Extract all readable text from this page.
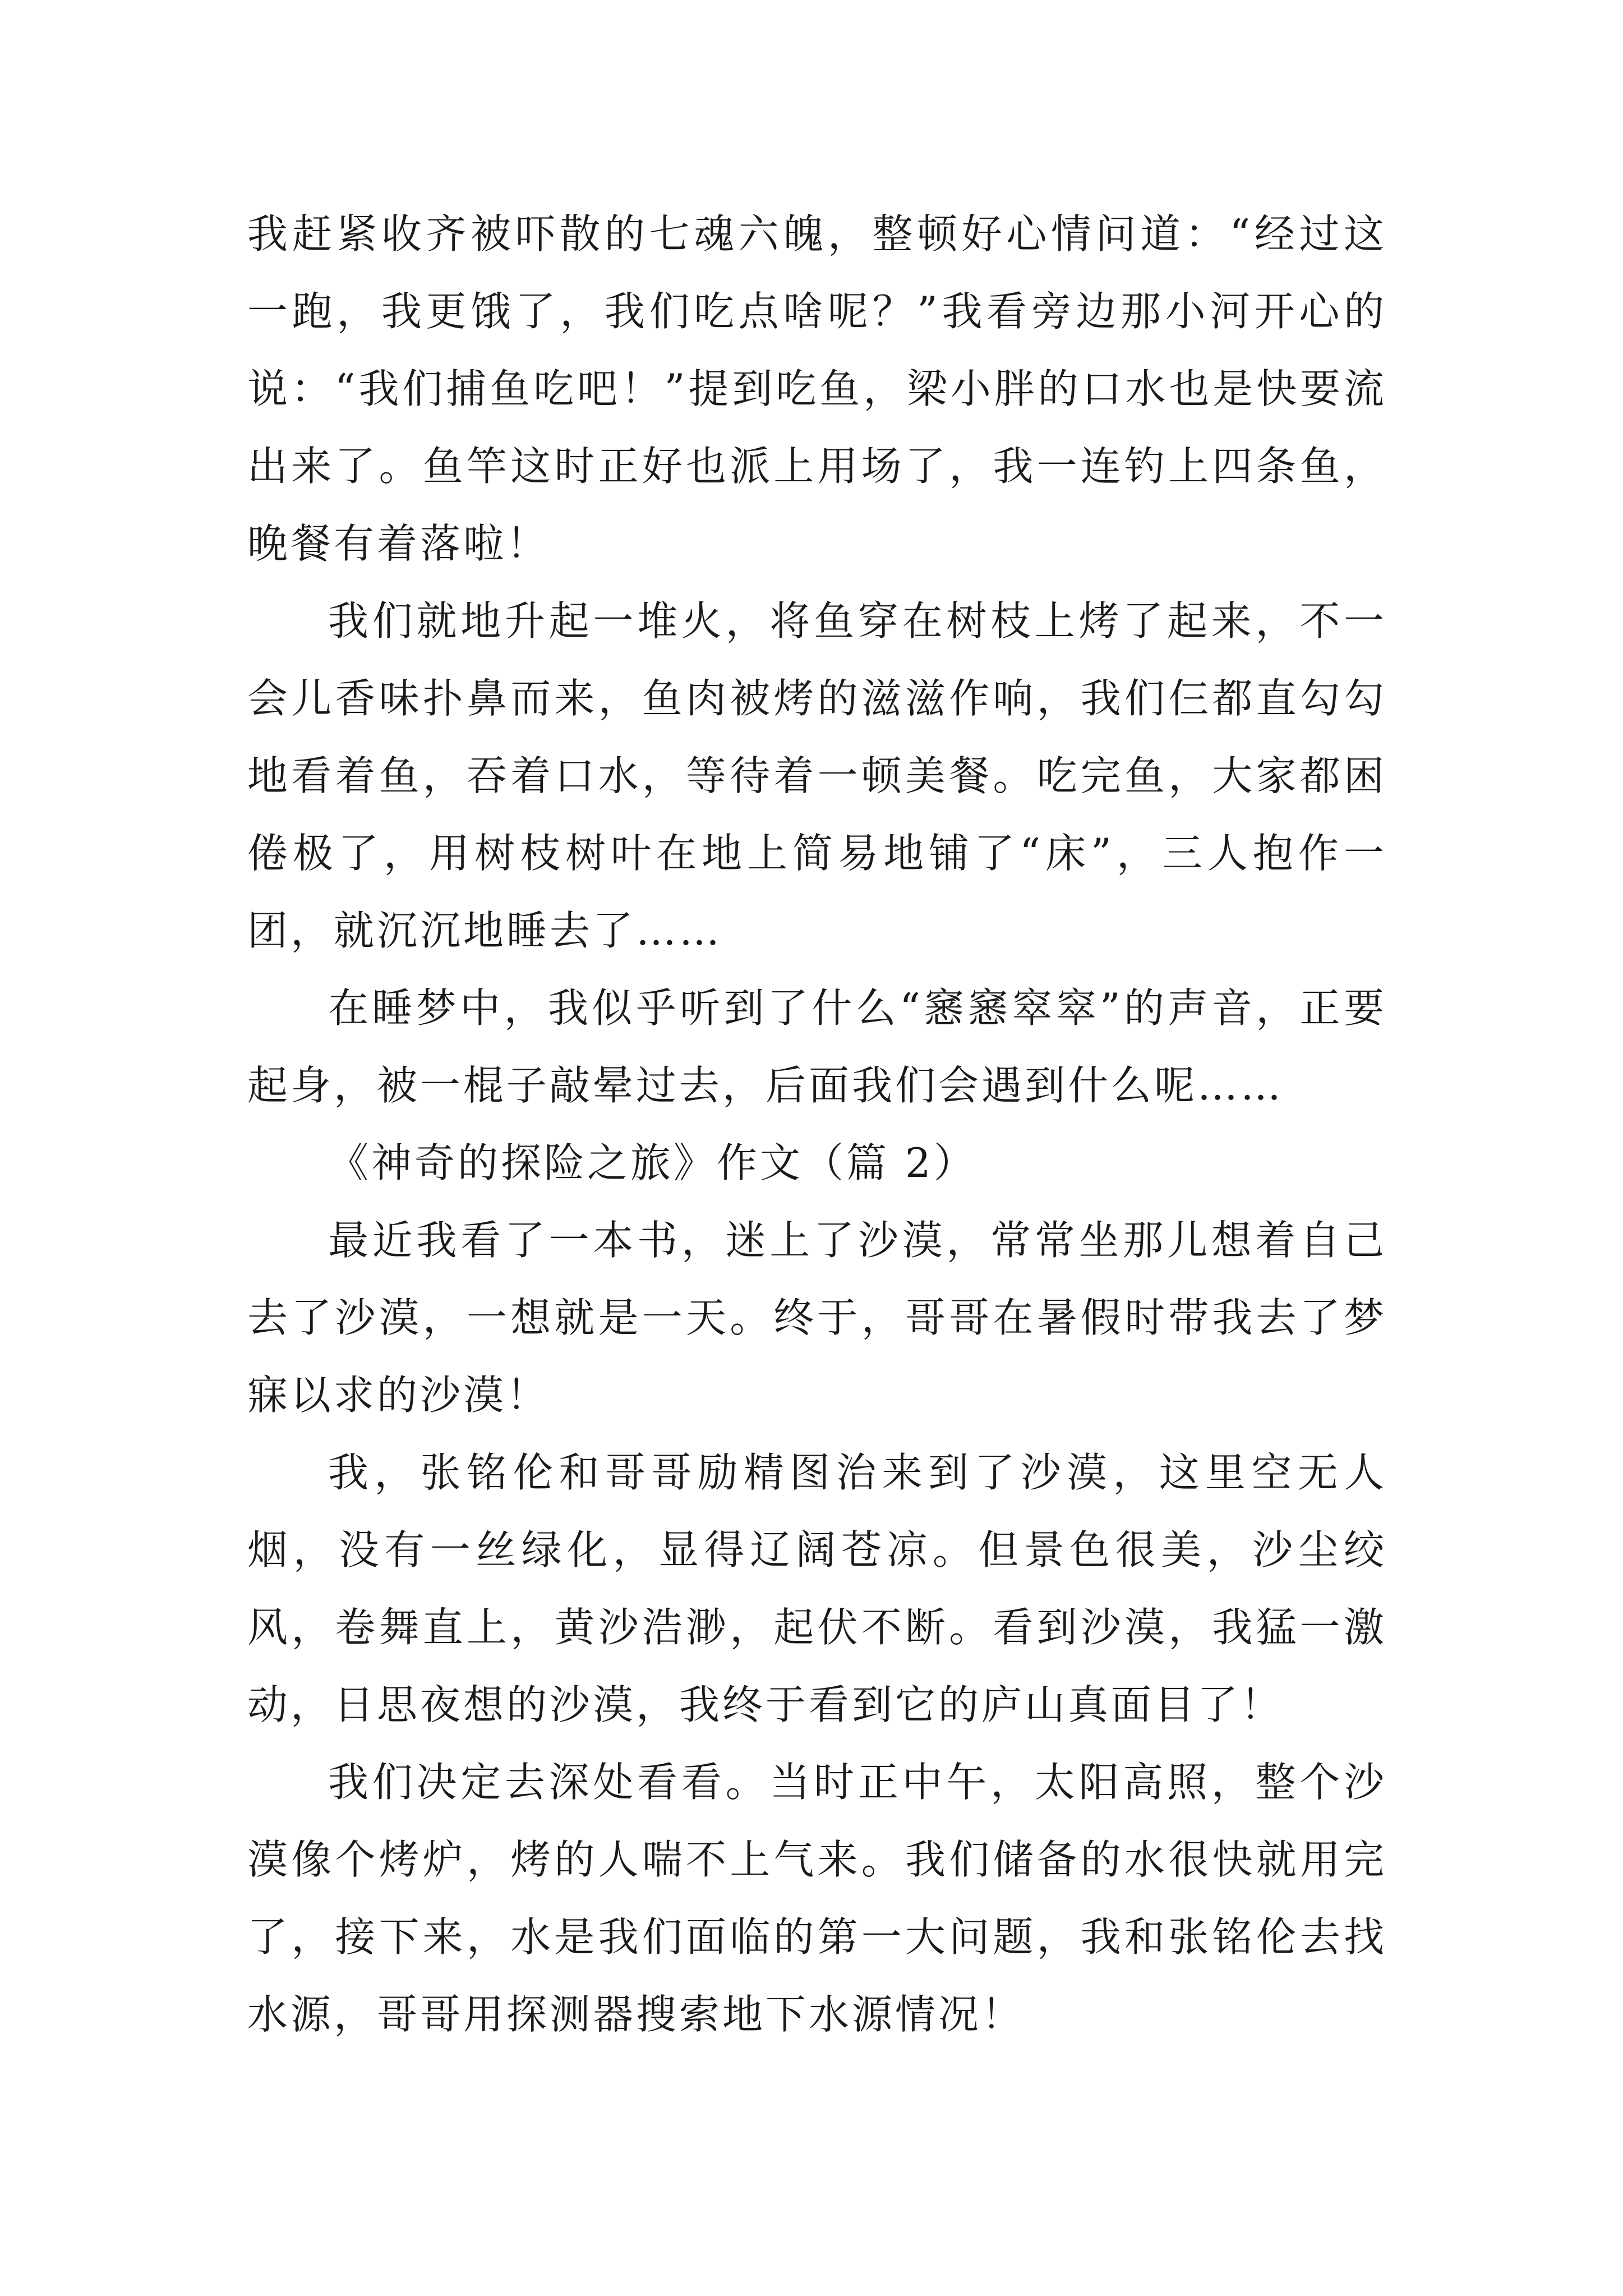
我赶紧收齐被吓散的七魂六魄，整顿好心情问道：“经过这一跑，我更饿了，我们吃点啥呢？”我看旁边那小河开心的说：“我们捕鱼吃吧！”提到吃鱼，梁小胖的口水也是快要流出来了。鱼竿这时正好也派上用场了，我一连钓上四条鱼，晚餐有着落啦！

我们就地升起一堆火，将鱼穿在树枝上烤了起来，不一会儿香味扑鼻而来，鱼肉被烤的滋滋作响，我们仨都直勾勾地看着鱼，吞着口水，等待着一顿美餐。吃完鱼，大家都困倦极了，用树枝树叶在地上简易地铺了“床”，三人抱作一团，就沉沉地睡去了……

在睡梦中，我似乎听到了什么“窸窸窣窣”的声音，正要起身，被一棍子敲晕过去，后面我们会遇到什么呢……

《神奇的探险之旅》作文（篇 2）

最近我看了一本书，迷上了沙漠，常常坐那儿想着自己去了沙漠，一想就是一天。终于，哥哥在暑假时带我去了梦寐以求的沙漠！

我，张铭伦和哥哥励精图治来到了沙漠，这里空无人烟，没有一丝绿化，显得辽阔苍凉。但景色很美，沙尘绞风，卷舞直上，黄沙浩渺，起伏不断。看到沙漠，我猛一激动，日思夜想的沙漠，我终于看到它的庐山真面目了！

我们决定去深处看看。当时正中午，太阳高照，整个沙漠像个烤炉，烤的人喘不上气来。我们储备的水很快就用完了，接下来，水是我们面临的第一大问题，我和张铭伦去找水源，哥哥用探测器搜索地下水源情况！
